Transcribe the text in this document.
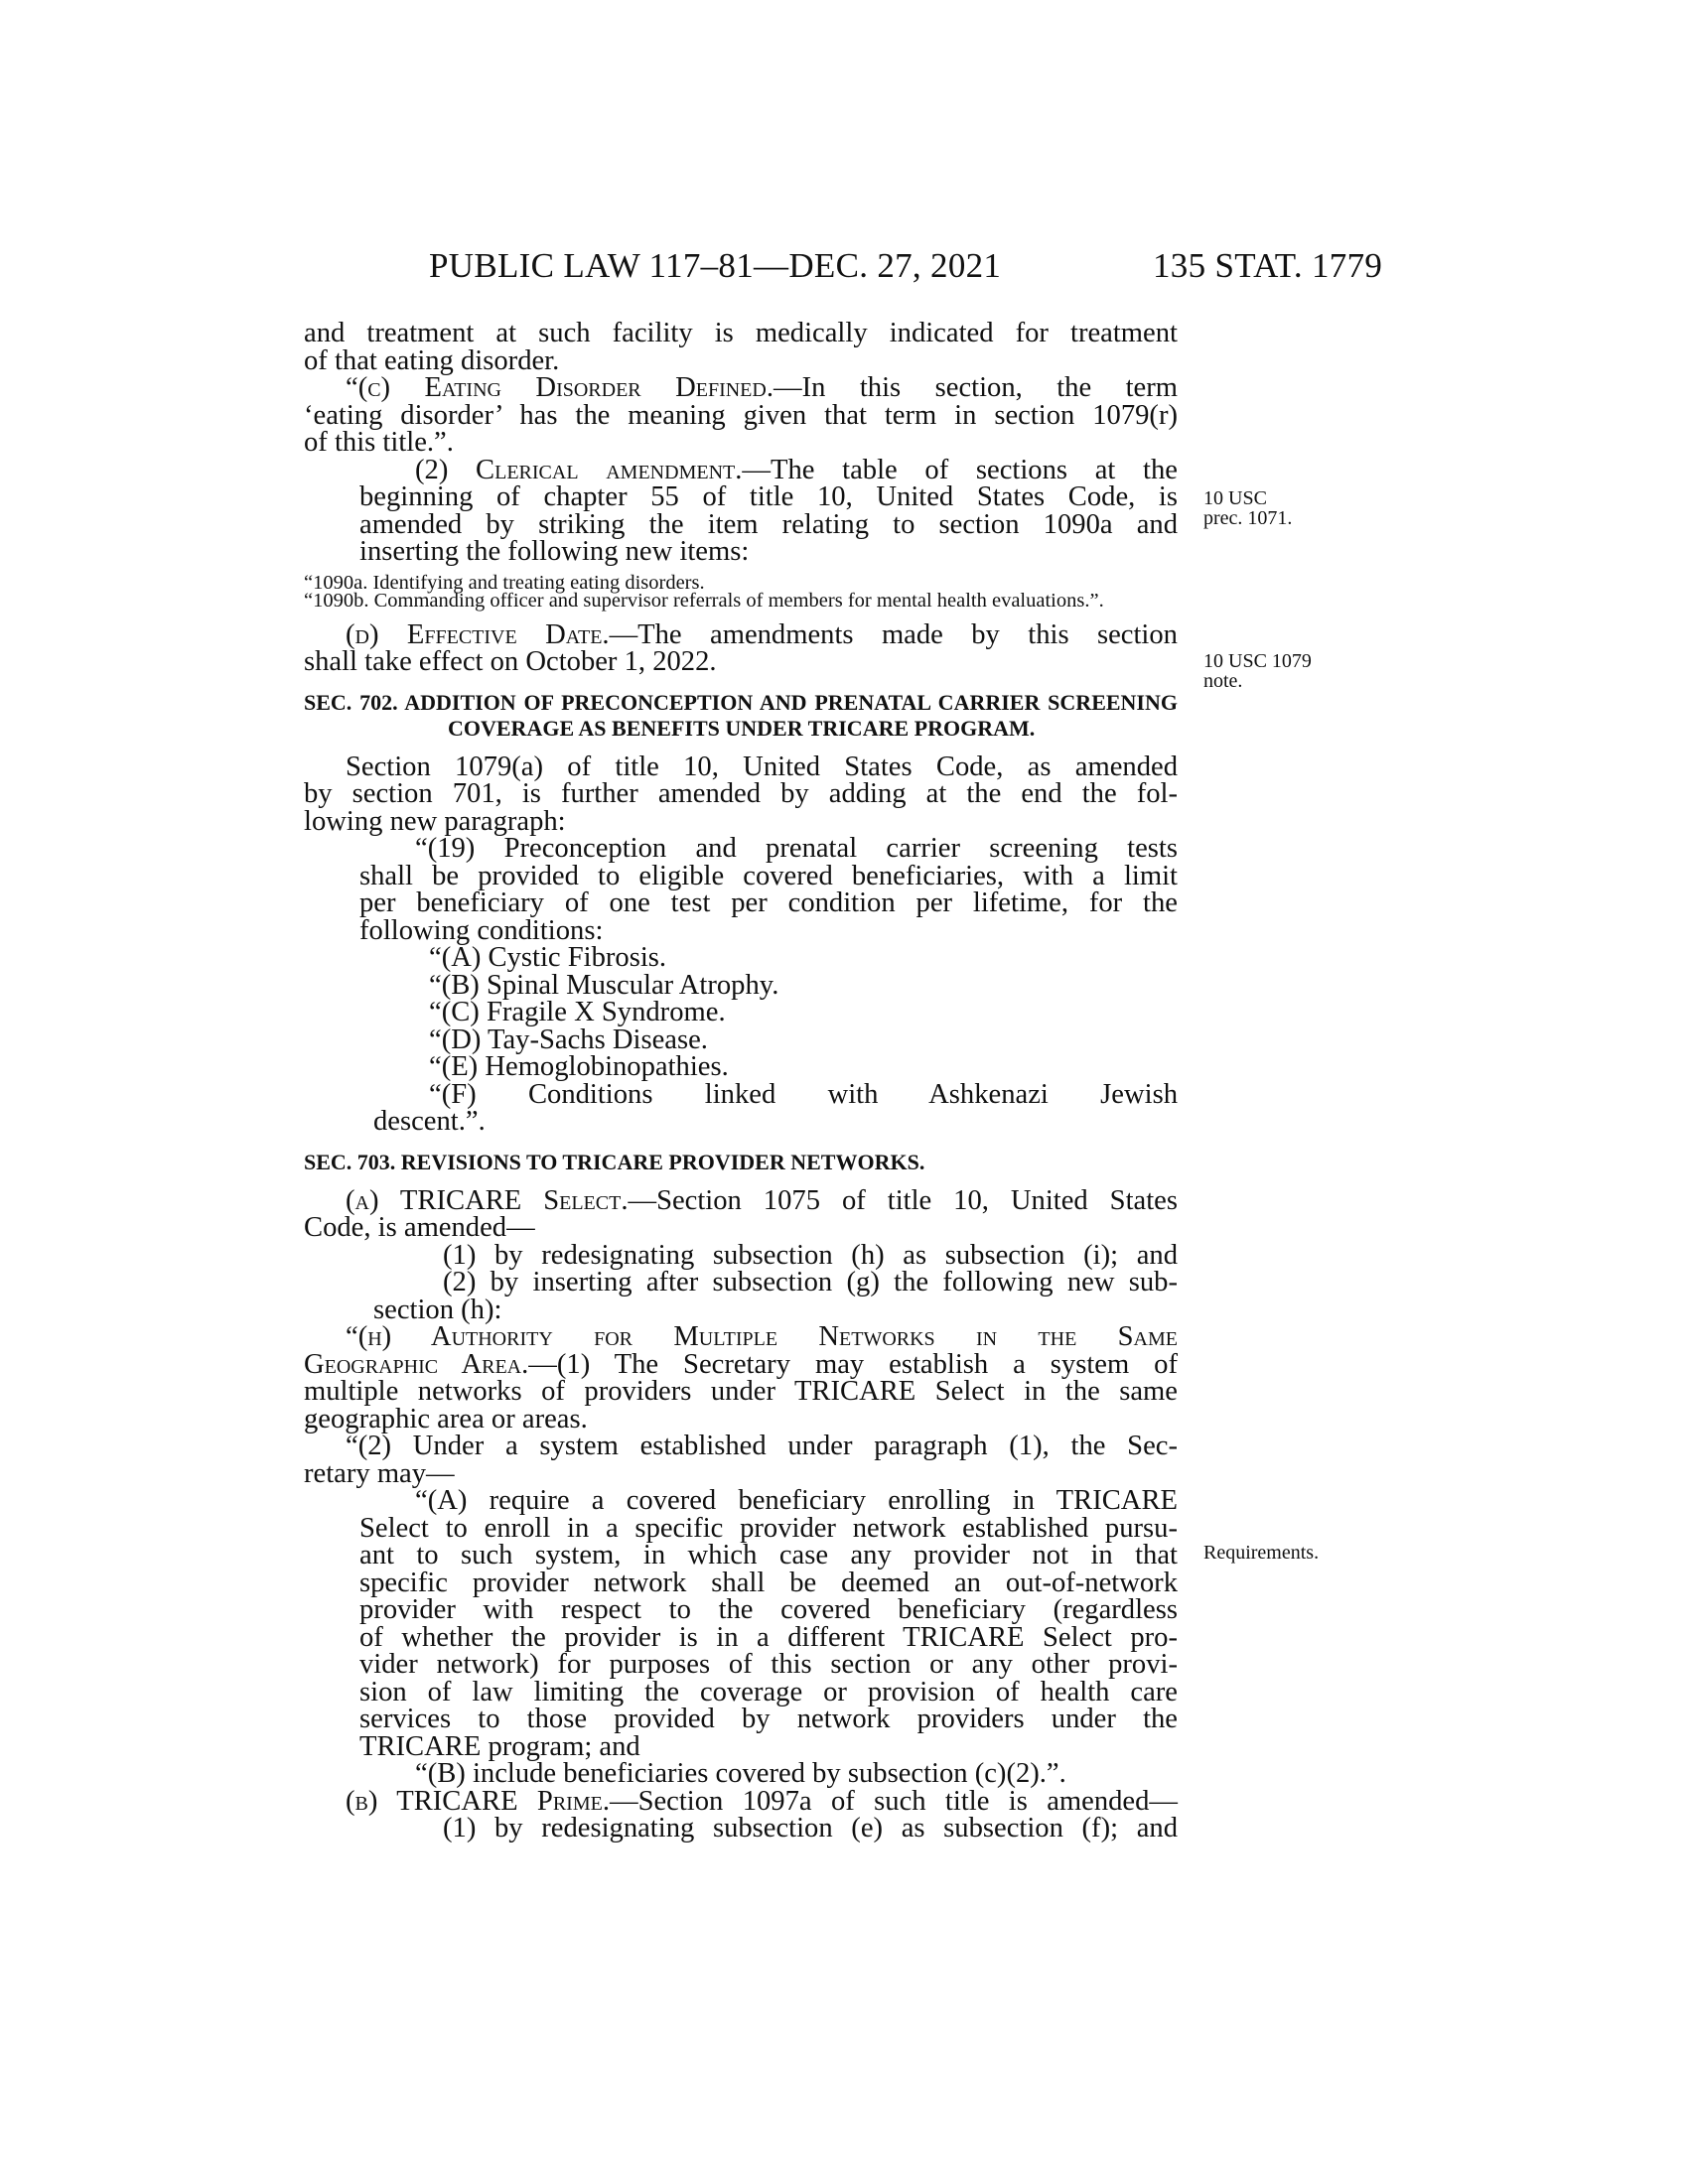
PUBLIC LAW 117–81—DEC. 27, 2021	135 STAT. 1779
10 USC
prec. 1071.
10 USC 1079
note.
Requirements.

and treatment at such facility is medically indicated for treatment

of that eating disorder.

“(c) Eating Disorder Defined.—In this section, the term

‘eating disorder’ has the meaning given that term in section 1079(r)

of this title.”.

(2) Clerical amendment.—The table of sections at the

beginning of chapter 55 of title 10, United States Code, is

amended by striking the item relating to section 1090a and

inserting the following new items:

“1090a. Identifying and treating eating disorders.
“1090b. Commanding officer and supervisor referrals of members for mental health evaluations.”.

(d) Effective Date.—The amendments made by this section

shall take effect on October 1, 2022.

SEC. 702. ADDITION OF PRECONCEPTION AND PRENATAL CARRIER SCREENING COVERAGE AS BENEFITS UNDER TRICARE PROGRAM.

Section 1079(a) of title 10, United States Code, as amended

by section 701, is further amended by adding at the end the fol-

lowing new paragraph:

“(19) Preconception and prenatal carrier screening tests

shall be provided to eligible covered beneficiaries, with a limit

per beneficiary of one test per condition per lifetime, for the

following conditions:

“(A) Cystic Fibrosis.

“(B) Spinal Muscular Atrophy.

“(C) Fragile X Syndrome.

“(D) Tay-Sachs Disease.

“(E) Hemoglobinopathies.

“(F) Conditions linked with Ashkenazi Jewish

descent.”.

SEC. 703. REVISIONS TO TRICARE PROVIDER NETWORKS.

(a) TRICARE Select.—Section 1075 of title 10, United States

Code, is amended—

(1) by redesignating subsection (h) as subsection (i); and

(2) by inserting after subsection (g) the following new sub-

section (h):

“(h) Authority for Multiple Networks in the Same

Geographic Area.—(1) The Secretary may establish a system of

multiple networks of providers under TRICARE Select in the same

geographic area or areas.

“(2) Under a system established under paragraph (1), the Sec-

retary may—

“(A) require a covered beneficiary enrolling in TRICARE

Select to enroll in a specific provider network established pursu-

ant to such system, in which case any provider not in that

specific provider network shall be deemed an out-of-network

provider with respect to the covered beneficiary (regardless

of whether the provider is in a different TRICARE Select pro-

vider network) for purposes of this section or any other provi-

sion of law limiting the coverage or provision of health care

services to those provided by network providers under the

TRICARE program; and

“(B) include beneficiaries covered by subsection (c)(2).”.

(b) TRICARE Prime.—Section 1097a of such title is amended—

(1) by redesignating subsection (e) as subsection (f); and
